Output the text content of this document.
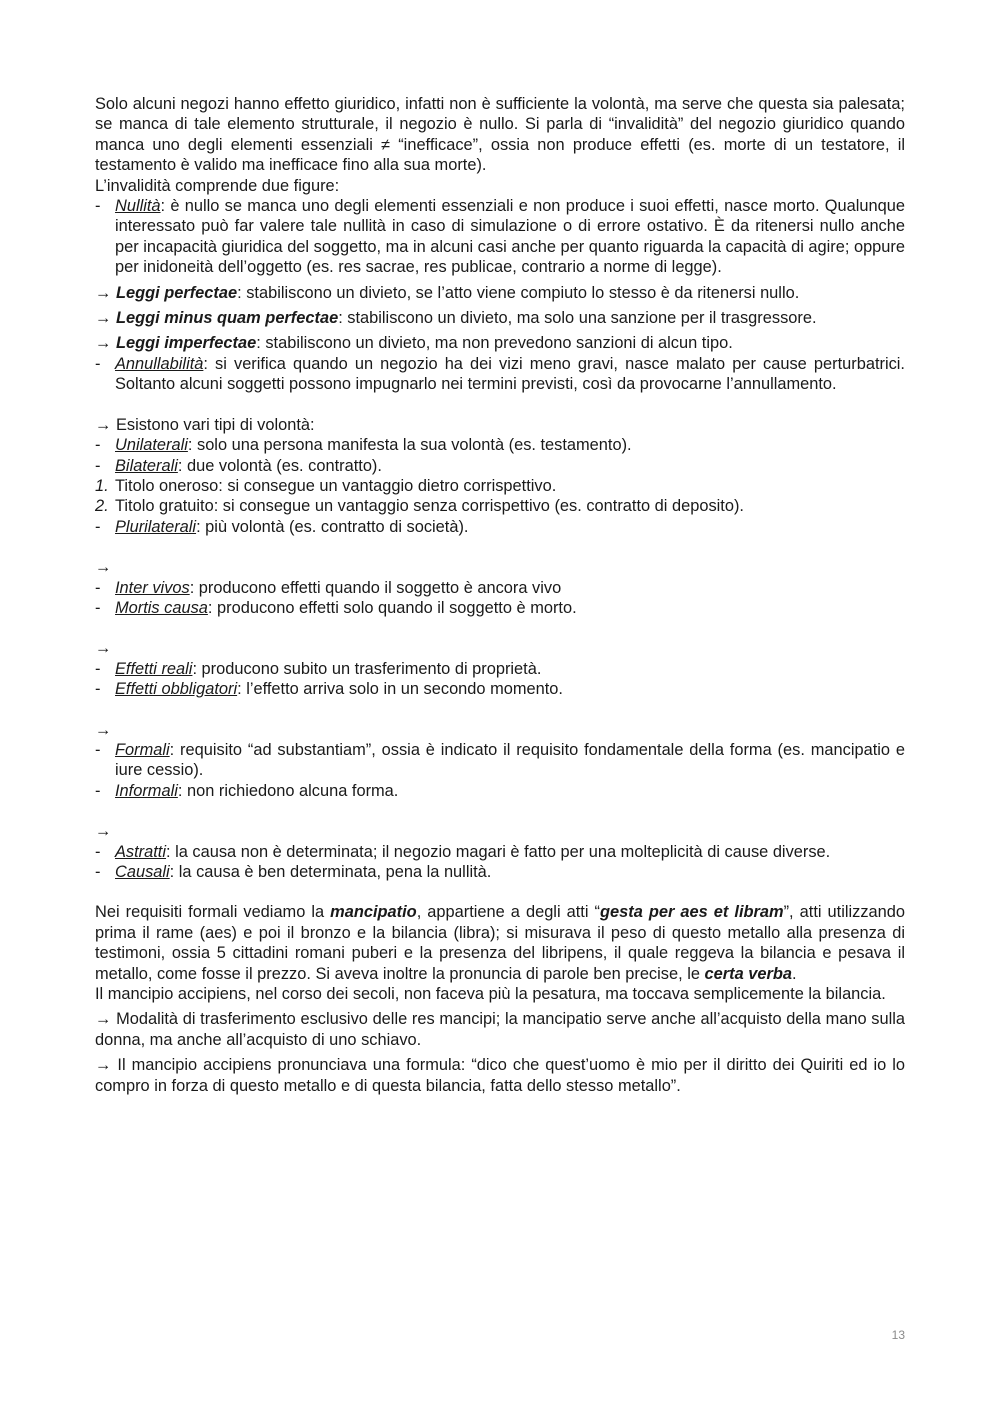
Solo alcuni negozi hanno effetto giuridico, infatti non è sufficiente la volontà, ma serve che questa sia palesata; se manca di tale elemento strutturale, il negozio è nullo. Si parla di “invalidità” del negozio giuridico quando manca uno degli elementi essenziali ≠ “inefficace”, ossia non produce effetti (es. morte di un testatore, il testamento è valido ma inefficace fino alla sua morte).

L’invalidità comprende due figure:

- Nullità: è nullo se manca uno degli elementi essenziali e non produce i suoi effetti, nasce morto. Qualunque interessato può far valere tale nullità in caso di simulazione o di errore ostativo. È da ritenersi nullo anche per incapacità giuridica del soggetto, ma in alcuni casi anche per quanto riguarda la capacità di agire; oppure per inidoneità dell’oggetto (es. res sacrae, res publicae, contrario a norme di legge).

→ Leggi perfectae: stabiliscono un divieto, se l’atto viene compiuto lo stesso è da ritenersi nullo.

→ Leggi minus quam perfectae: stabiliscono un divieto, ma solo una sanzione per il trasgressore.

→ Leggi imperfectae: stabiliscono un divieto, ma non prevedono sanzioni di alcun tipo.

- Annullabilità: si verifica quando un negozio ha dei vizi meno gravi, nasce malato per cause perturbatrici. Soltanto alcuni soggetti possono impugnarlo nei termini previsti, così da provocarne l’annullamento.

→ Esistono vari tipi di volontà:

- Unilaterali: solo una persona manifesta la sua volontà (es. testamento).
- Bilaterali: due volontà (es. contratto).
1. Titolo oneroso: si consegue un vantaggio dietro corrispettivo.
2. Titolo gratuito: si consegue un vantaggio senza corrispettivo (es. contratto di deposito).
- Plurilaterali: più volontà (es. contratto di società).

→

- Inter vivos: producono effetti quando il soggetto è ancora vivo
- Mortis causa: producono effetti solo quando il soggetto è morto.

→

- Effetti reali: producono subito un trasferimento di proprietà.
- Effetti obbligatori: l’effetto arriva solo in un secondo momento.

→

- Formali: requisito “ad substantiam”, ossia è indicato il requisito fondamentale della forma (es. mancipatio e iure cessio).
- Informali: non richiedono alcuna forma.

→

- Astratti: la causa non è determinata; il negozio magari è fatto per una molteplicità di cause diverse.
- Causali: la causa è ben determinata, pena la nullità.

Nei requisiti formali vediamo la mancipatio, appartiene a degli atti “gesta per aes et libram”, atti utilizzando prima il rame (aes) e poi il bronzo e la bilancia (libra); si misurava il peso di questo metallo alla presenza di testimoni, ossia 5 cittadini romani puberi e la presenza del libripens, il quale reggeva la bilancia e pesava il metallo, come fosse il prezzo. Si aveva inoltre la pronuncia di parole ben precise, le certa verba.

Il mancipio accipiens, nel corso dei secoli, non faceva più la pesatura, ma toccava semplicemente la bilancia.

→ Modalità di trasferimento esclusivo delle res mancipi; la mancipatio serve anche all’acquisto della mano sulla donna, ma anche all’acquisto di uno schiavo.

→ Il mancipio accipiens pronunciava una formula: “dico che quest’uomo è mio per il diritto dei Quiriti ed io lo compro in forza di questo metallo e di questa bilancia, fatta dello stesso metallo”.

13
